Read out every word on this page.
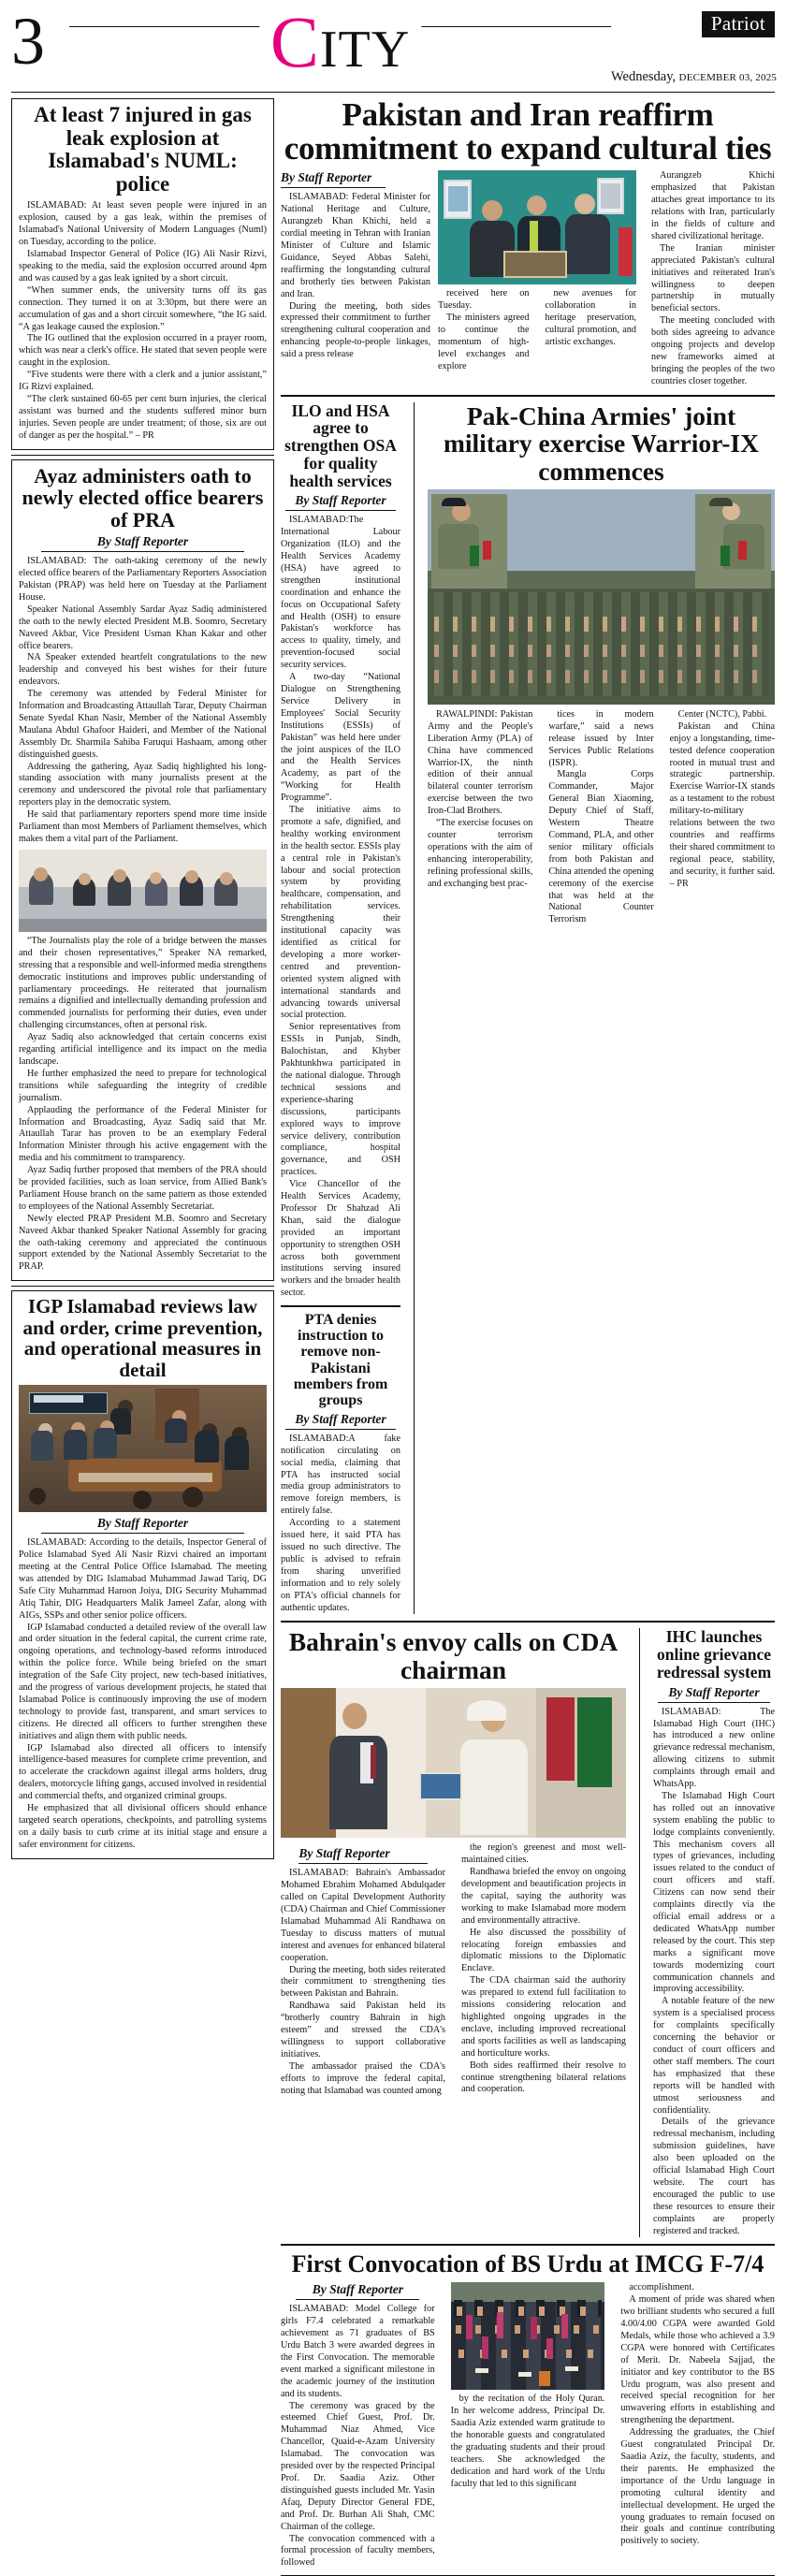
3	C ITY	Patriot
Wednesday, DECEMBER 03, 2025
At least 7 injured in gas leak explosion at Islamabad's NUML: police

ISLAMABAD: At least seven people were injured in an explosion, caused by a gas leak, within the premises of Islamabad's National University of Modern Languages (Numl) on Tuesday, according to the police.

Islamabad Inspector General of Police (IG) Ali Nasir Rizvi, speaking to the media, said the explosion occurred around 4pm and was caused by a gas leak ignited by a short circuit.

“When summer ends, the university turns off its gas connection. They turned it on at 3:30pm, but there were an accumulation of gas and a short circuit somewhere, “the IG said. “A gas leakage caused the explosion.”

The IG outlined that the explosion occurred in a prayer room, which was near a clerk's office. He stated that seven people were caught in the explosion.

“Five students were there with a clerk and a junior assistant,” IG Rizvi explained.

“The clerk sustained 60-65 per cent burn injuries, the clerical assistant was burned and the students suffered minor burn injuries. Seven people are under treatment; of those, six are out of danger as per the hospital.” – PR

Ayaz administers oath to newly elected office bearers of PRA
By Staff Reporter

ISLAMABAD: The oath-taking ceremony of the newly elected office bearers of the Parliamentary Reporters Association Pakistan (PRAP) was held here on Tuesday at the Parliament House.

Speaker National Assembly Sardar Ayaz Sadiq administered the oath to the newly elected President M.B. Soomro, Secretary Naveed Akbar, Vice President Usman Khan Kakar and other office bearers.

NA Speaker extended heartfelt congratulations to the new leadership and conveyed his best wishes for their future endeavors.

The ceremony was attended by Federal Minister for Information and Broadcasting Attaullah Tarar, Deputy Chairman Senate Syedal Khan Nasir, Member of the National Assembly Maulana Abdul Ghafoor Haideri, and Member of the National Assembly Dr. Sharmila Sahiba Faruqui Hashaam, among other distinguished guests.

Addressing the gathering, Ayaz Sadiq highlighted his long-standing association with many journalists present at the ceremony and underscored the pivotal role that parliamentary reporters play in the democratic system.

He said that parliamentary reporters spend more time inside Parliament than most Members of Parliament themselves, which makes them a vital part of the Parliament.

“The Journalists play the role of a bridge between the masses and their chosen representatives,” Speaker NA remarked, stressing that a responsible and well-informed media strengthens democratic institutions and improves public understanding of parliamentary proceedings. He reiterated that journalism remains a dignified and intellectually demanding profession and commended journalists for performing their duties, even under challenging circumstances, often at personal risk.

Ayaz Sadiq also acknowledged that certain concerns exist regarding artificial intelligence and its impact on the media landscape.

He further emphasized the need to prepare for technological transitions while safeguarding the integrity of credible journalism.

Applauding the performance of the Federal Minister for Information and Broadcasting, Ayaz Sadiq said that Mr. Attaullah Tarar has proven to be an exemplary Federal Information Minister through his active engagement with the media and his commitment to transparency.

Ayaz Sadiq further proposed that members of the PRA should be provided facilities, such as loan service, from Allied Bank's Parliament House branch on the same pattern as those extended to employees of the National Assembly Secretariat.

Newly elected PRAP President M.B. Soomro and Secretary Naveed Akbar thanked Speaker National Assembly for gracing the oath-taking ceremony and appreciated the continuous support extended by the National Assembly Secretariat to the PRAP.

IGP Islamabad reviews law and order, crime prevention, and operational measures in detail
By Staff Reporter

ISLAMABAD: According to the details, Inspector General of Police Islamabad Syed Ali Nasir Rizvi chaired an important meeting at the Central Police Office Islamabad. The meeting was attended by DIG Islamabad Muhammad Jawad Tariq, DG Safe City Muhammad Haroon Joiya, DIG Security Muhammad Atiq Tahir, DIG Headquarters Malik Jameel Zafar, along with AIGs, SSPs and other senior police officers.

IGP Islamabad conducted a detailed review of the overall law and order situation in the federal capital, the current crime rate, ongoing operations, and technology-based reforms introduced within the police force. While being briefed on the smart integration of the Safe City project, new tech-based initiatives, and the progress of various development projects, he stated that Islamabad Police is continuously improving the use of modern technology to provide fast, transparent, and smart services to citizens. He directed all officers to further strengthen these initiatives and align them with public needs.

IGP Islamabad also directed all officers to intensify intelligence-based measures for complete crime prevention, and to accelerate the crackdown against illegal arms holders, drug dealers, motorcycle lifting gangs, accused involved in residential and commercial thefts, and organized criminal groups.

He emphasized that all divisional officers should enhance targeted search operations, checkpoints, and patrolling systems on a daily basis to curb crime at its initial stage and ensure a safer environment for citizens.

Pakistan and Iran reaffirm commitment to expand cultural ties
By Staff Reporter

ISLAMABAD: Federal Minister for National Heritage and Culture, Aurangzeb Khan Khichi, held a cordial meeting in Tehran with Iranian Minister of Culture and Islamic Guidance, Seyed Abbas Salehi, reaffirming the longstanding cultural and brotherly ties between Pakistan and Iran.

During the meeting, both sides expressed their commitment to further strengthening cultural cooperation and enhancing people-to-people linkages, said a press release

received here on Tuesday.

The ministers agreed to continue the momentum of high-level exchanges and explore

new avenues for collaboration in heritage preservation, cultural promotion, and artistic exchanges.

Aurangzeb Khichi emphasized that Pakistan attaches great importance to its relations with Iran, particularly in the fields of culture and shared civilizational heritage.

The Iranian minister appreciated Pakistan's cultural initiatives and reiterated Iran's willingness to deepen partnership in mutually beneficial sectors.

The meeting concluded with both sides agreeing to advance ongoing projects and develop new frameworks aimed at bringing the peoples of the two countries closer together.

ILO and HSA agree to strengthen OSA for quality health services
By Staff Reporter

ISLAMABAD:The International Labour Organization (ILO) and the Health Services Academy (HSA) have agreed to strengthen institutional coordination and enhance the focus on Occupational Safety and Health (OSH) to ensure Pakistan's workforce has access to quality, timely, and prevention-focused social security services.

A two-day “National Dialogue on Strengthening Service Delivery in Employees' Social Security Institutions (ESSIs) of Pakistan” was held here under the joint auspices of the ILO and the Health Services Academy, as part of the “Working for Health Programme”.

The initiative aims to promote a safe, dignified, and healthy working environment in the health sector. ESSIs play a central role in Pakistan's labour and social protection system by providing healthcare, compensation, and rehabilitation services. Strengthening their institutional capacity was identified as critical for developing a more worker-centred and prevention-oriented system aligned with international standards and advancing towards universal social protection.

Senior representatives from ESSIs in Punjab, Sindh, Balochistan, and Khyber Pakhtunkhwa participated in the national dialogue. Through technical sessions and experience-sharing discussions, participants explored ways to improve service delivery, contribution compliance, hospital governance, and OSH practices.

Vice Chancellor of the Health Services Academy, Professor Dr Shahzad Ali Khan, said the dialogue provided an important opportunity to strengthen OSH across both government institutions serving insured workers and the broader health sector.

PTA denies instruction to remove non-Pakistani members from groups
By Staff Reporter

ISLAMABAD:A fake notification circulating on social media, claiming that PTA has instructed social media group administrators to remove foreign members, is entirely false.

According to a statement issued here, it said PTA has issued no such directive. The public is advised to refrain from sharing unverified information and to rely solely on PTA's official channels for authentic updates.

Pak-China Armies' joint military exercise Warrior-IX commences

RAWALPINDI: Pakistan Army and the People's Liberation Army (PLA) of China have commenced Warrior-IX, the ninth edition of their annual bilateral counter terrorism exercise between the two Iron-Clad Brothers.

“The exercise focuses on counter terrorism operations with the aim of enhancing interoperability, refining professional skills, and exchanging best prac-

tices in modern warfare,” said a news release issued by Inter Services Public Relations (ISPR).

Mangla Corps Commander, Major General Bian Xiaoming, Deputy Chief of Staff, Western Theatre Command, PLA, and other senior military officials from both Pakistan and China attended the opening ceremony of the exercise that was held at the National Counter Terrorism

Center (NCTC), Pabbi.

Pakistan and China enjoy a longstanding, time-tested defence cooperation rooted in mutual trust and strategic partnership. Exercise Warrior-IX stands as a testament to the robust military-to-military relations between the two countries and reaffirms their shared commitment to regional peace, stability, and security, it further said. – PR

Bahrain's envoy calls on CDA chairman
By Staff Reporter

ISLAMABAD: Bahrain's Ambassador Mohamed Ebrahim Mohamed Abdulqader called on Capital Development Authority (CDA) Chairman and Chief Commissioner Islamabad Muhammad Ali Randhawa on Tuesday to discuss matters of mutual interest and avenues for enhanced bilateral cooperation.

During the meeting, both sides reiterated their commitment to strengthening ties between Pakistan and Bahrain.

Randhawa said Pakistan held its “brotherly country Bahrain in high esteem” and stressed the CDA's willingness to support collaborative initiatives.

The ambassador praised the CDA's efforts to improve the federal capital, noting that Islamabad was counted among

the region's greenest and most well-maintained cities.

Randhawa briefed the envoy on ongoing development and beautification projects in the capital, saying the authority was working to make Islamabad more modern and environmentally attractive.

He also discussed the possibility of relocating foreign embassies and diplomatic missions to the Diplomatic Enclave.

The CDA chairman said the authority was prepared to extend full facilitation to missions considering relocation and highlighted ongoing upgrades in the enclave, including improved recreational and sports facilities as well as landscaping and horticulture works.

Both sides reaffirmed their resolve to continue strengthening bilateral relations and cooperation.

IHC launches online grievance redressal system
By Staff Reporter

ISLAMABAD: The Islamabad High Court (IHC) has introduced a new online grievance redressal mechanism, allowing citizens to submit complaints through email and WhatsApp.

The Islamabad High Court has rolled out an innovative system enabling the public to lodge complaints conveniently. This mechanism covers all types of grievances, including issues related to the conduct of court officers and staff. Citizens can now send their complaints directly via the official email address or a dedicated WhatsApp number released by the court. This step marks a significant move towards modernizing court communication channels and improving accessibility.

A notable feature of the new system is a specialised process for complaints specifically concerning the behavior or conduct of court officers and other staff members. The court has emphasized that these reports will be handled with utmost seriousness and confidentiality.

Details of the grievance redressal mechanism, including submission guidelines, have also been uploaded on the official Islamabad High Court website. The court has encouraged the public to use these resources to ensure their complaints are properly registered and tracked.

First Convocation of BS Urdu at IMCG F-7/4
By Staff Reporter

ISLAMABAD: Model College for girls F7.4 celebrated a remarkable achievement as 71 graduates of BS Urdu Batch 3 were awarded degrees in the First Convocation. The memorable event marked a significant milestone in the academic journey of the institution and its students.

The ceremony was graced by the esteemed Chief Guest, Prof. Dr. Muhammad Niaz Ahmed, Vice Chancellor, Quaid-e-Azam University Islamabad. The convocation was presided over by the respected Principal Prof. Dr. Saadia Aziz. Other distinguished guests included Mr. Yasin Afaq, Deputy Director General FDE, and Prof. Dr. Burhan Ali Shah, CMC Chairman of the college.

The convocation commenced with a formal procession of faculty members, followed

by the recitation of the Holy Quran. In her welcome address, Principal Dr. Saadia Aziz extended warm gratitude to the honorable guests and congratulated the graduating students and their proud teachers. She acknowledged the dedication and hard work of the Urdu faculty that led to this significant

accomplishment.

A moment of pride was shared when two brilliant students who secured a full 4.00/4.00 CGPA were awarded Gold Medals, while those who achieved a 3.9 CGPA were honored with Certificates of Merit. Dr. Nabeela Sajjad, the initiator and key contributor to the BS Urdu program, was also present and received special recognition for her unwavering efforts in establishing and strengthening the department.

Addressing the graduates, the Chief Guest congratulated Principal Dr. Saadia Aziz, the faculty, students, and their parents. He emphasized the importance of the Urdu language in promoting cultural identity and intellectual development. He urged the young graduates to remain focused on their goals and continue contributing positively to society.
